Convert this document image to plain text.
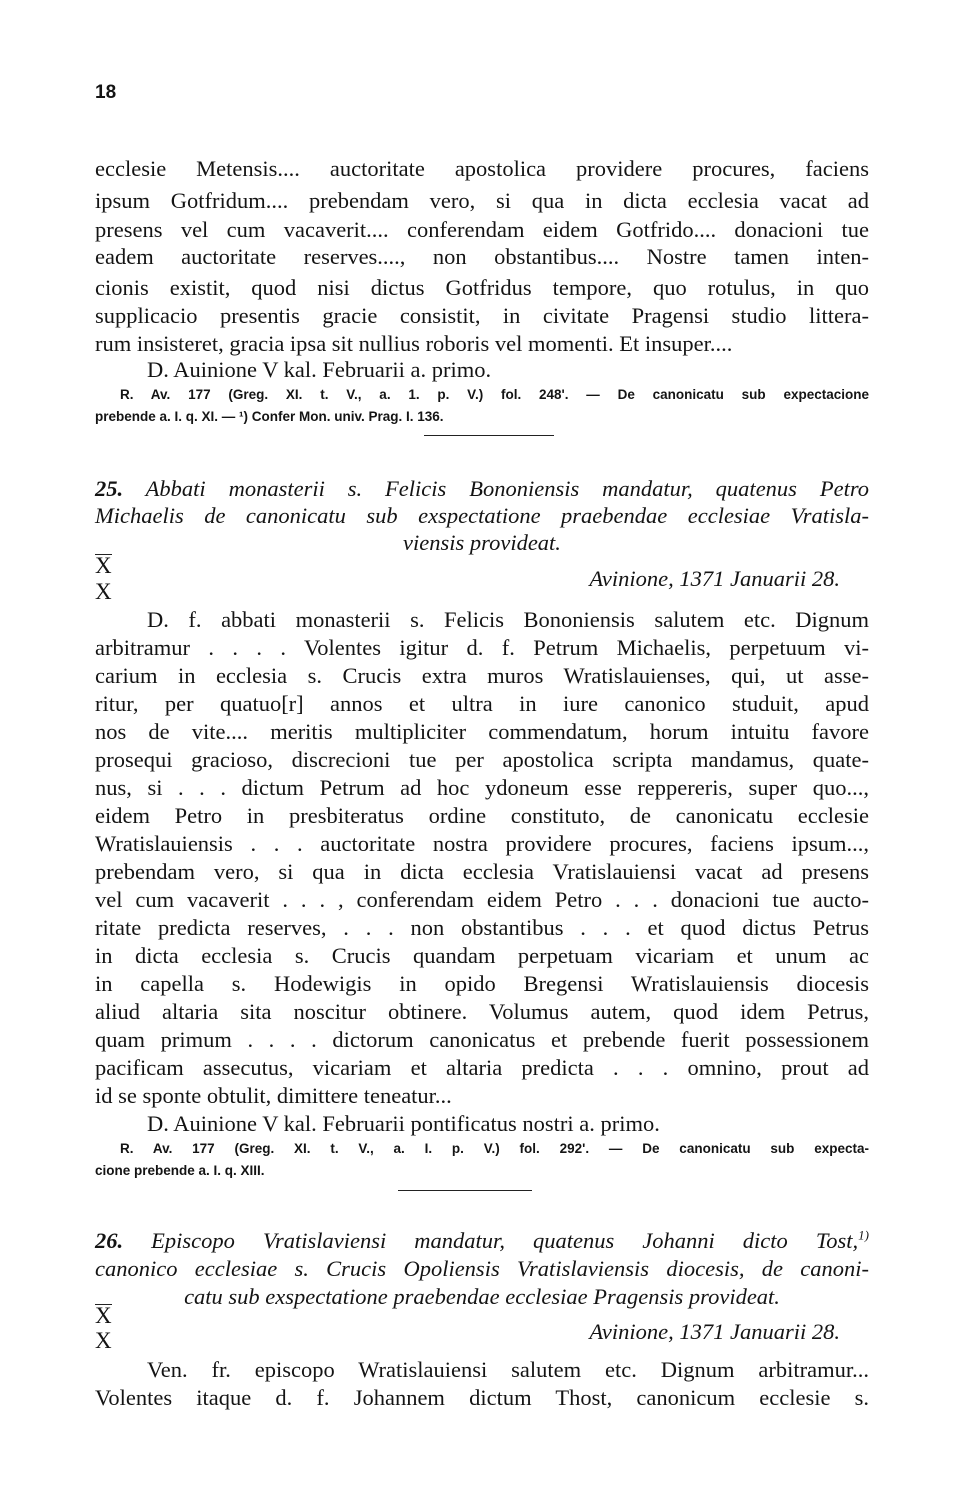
18

ecclesie Metensis.... auctoritate apostolica providere procures, faciens

ipsum Gotfridum.... prebendam vero, si qua in dicta ecclesia vacat ad

presens vel cum vacaverit.... conferendam eidem Gotfrido.... donacioni tue

eadem auctoritate reserves...., non obstantibus.... Nostre tamen inten-

cionis existit, quod nisi dictus Gotfridus tempore, quo rotulus, in quo

supplicacio presentis gracie consistit, in civitate Pragensi studio littera-

rum insisteret, gracia ipsa sit nullius roboris vel momenti. Et insuper....

D. Auinione V kal. Februarii a. primo.

R. Av. 177 (Greg. XI. t. V., a. 1. p. V.) fol. 248'. — De canonicatu sub expectacione

prebende a. I. q. XI. — ¹) Confer Mon. univ. Prag. I. 136.

25. Abbati monasterii s. Felicis Bononiensis mandatur, quatenus Petro

Michaelis de canonicatu sub exspectatione praebendae ecclesiae Vratisla-

viensis provideat.

X
X
Avinione, 1371 Januarii 28.

D. f. abbati monasterii s. Felicis Bononiensis salutem etc. Dignum

arbitramur . . . . Volentes igitur d. f. Petrum Michaelis, perpetuum vi-

carium in ecclesia s. Crucis extra muros Wratislauienses, qui, ut asse-

ritur, per quatuo[r] annos et ultra in iure canonico studuit, apud

nos de vite.... meritis multipliciter commendatum, horum intuitu favore

prosequi gracioso, discrecioni tue per apostolica scripta mandamus, quate-

nus, si . . . dictum Petrum ad hoc ydoneum esse reppereris, super quo...,

eidem Petro in presbiteratus ordine constituto, de canonicatu ecclesie

Wratislauiensis . . . auctoritate nostra providere procures, faciens ipsum...,

prebendam vero, si qua in dicta ecclesia Vratislauiensi vacat ad presens

vel cum vacaverit . . . , conferendam eidem Petro . . . donacioni tue aucto-

ritate predicta reserves, . . . non obstantibus . . . et quod dictus Petrus

in dicta ecclesia s. Crucis quandam perpetuam vicariam et unum ac

in capella s. Hodewigis in opido Bregensi Wratislauiensis diocesis

aliud altaria sita noscitur obtinere. Volumus autem, quod idem Petrus,

quam primum . . . . dictorum canonicatus et prebende fuerit possessionem

pacificam assecutus, vicariam et altaria predicta . . . omnino, prout ad

id se sponte obtulit, dimittere teneatur...

D. Auinione V kal. Februarii pontificatus nostri a. primo.

R. Av. 177 (Greg. XI. t. V., a. I. p. V.) fol. 292'. — De canonicatu sub expecta-

cione prebende a. I. q. XIII.

26. Episcopo Vratislaviensi mandatur, quatenus Johanni dicto Tost,$^{1)}$

canonico ecclesiae s. Crucis Opoliensis Vratislaviensis diocesis, de canoni-

catu sub exspectatione praebendae ecclesiae Pragensis provideat.

X
X	Avinione, 1371 Januarii 28.

Ven. fr. episcopo Wratislauiensi salutem etc. Dignum arbitramur...

Volentes itaque d. f. Johannem dictum Thost, canonicum ecclesie s.
